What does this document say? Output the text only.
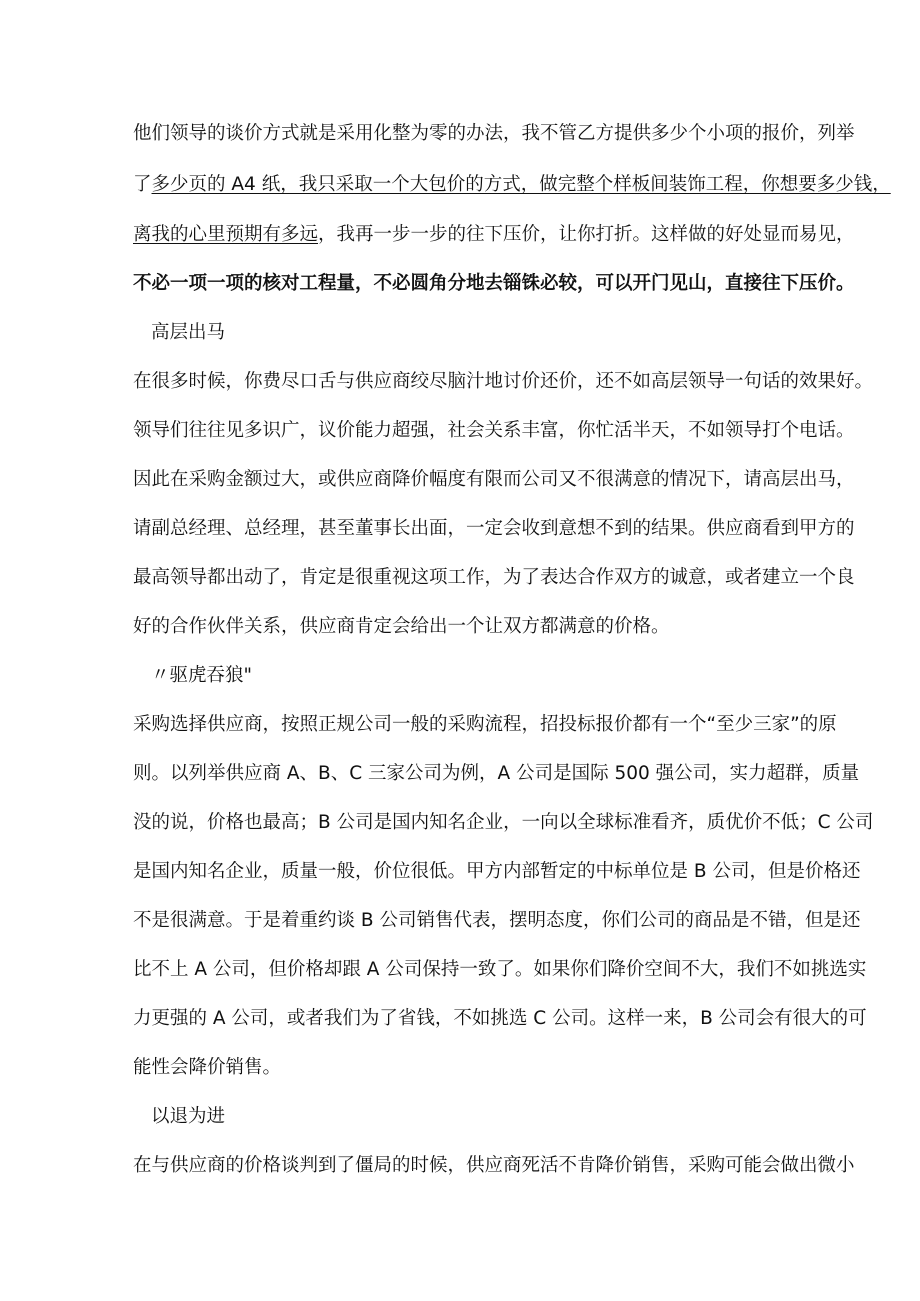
他们领导的谈价方式就是采用化整为零的办法，我不管乙方提供多少个小项的报价，列举
了多少页的 A4 纸，我只采取一个大包价的方式，做完整个样板间装饰工程，你想要多少钱，
离我的心里预期有多远，我再一步一步的往下压价，让你打折。这样做的好处显而易见，
不必一项一项的核对工程量，不必圆角分地去锱铢必较，可以开门见山，直接往下压价。
高层出马
在很多时候，你费尽口舌与供应商绞尽脑汁地讨价还价，还不如高层领导一句话的效果好。
领导们往往见多识广，议价能力超强，社会关系丰富，你忙活半天，不如领导打个电话。
因此在采购金额过大，或供应商降价幅度有限而公司又不很满意的情况下，请高层出马，
请副总经理、总经理，甚至董事长出面，一定会收到意想不到的结果。供应商看到甲方的
最高领导都出动了，肯定是很重视这项工作，为了表达合作双方的诚意，或者建立一个良
好的合作伙伴关系，供应商肯定会给出一个让双方都满意的价格。
〃驱虎吞狼"
采购选择供应商，按照正规公司一般的采购流程，招投标报价都有一个“至少三家”的原
则。以列举供应商 A、B、C 三家公司为例，A 公司是国际 500 强公司，实力超群，质量
没的说，价格也最高；B 公司是国内知名企业，一向以全球标准看齐，质优价不低；C 公司
是国内知名企业，质量一般，价位很低。甲方内部暂定的中标单位是 B 公司，但是价格还
不是很满意。于是着重约谈 B 公司销售代表，摆明态度，你们公司的商品是不错，但是还
比不上 A 公司，但价格却跟 A 公司保持一致了。如果你们降价空间不大，我们不如挑选实
力更强的 A 公司，或者我们为了省钱，不如挑选 C 公司。这样一来，B 公司会有很大的可
能性会降价销售。
以退为进
在与供应商的价格谈判到了僵局的时候，供应商死活不肯降价销售，采购可能会做出微小
